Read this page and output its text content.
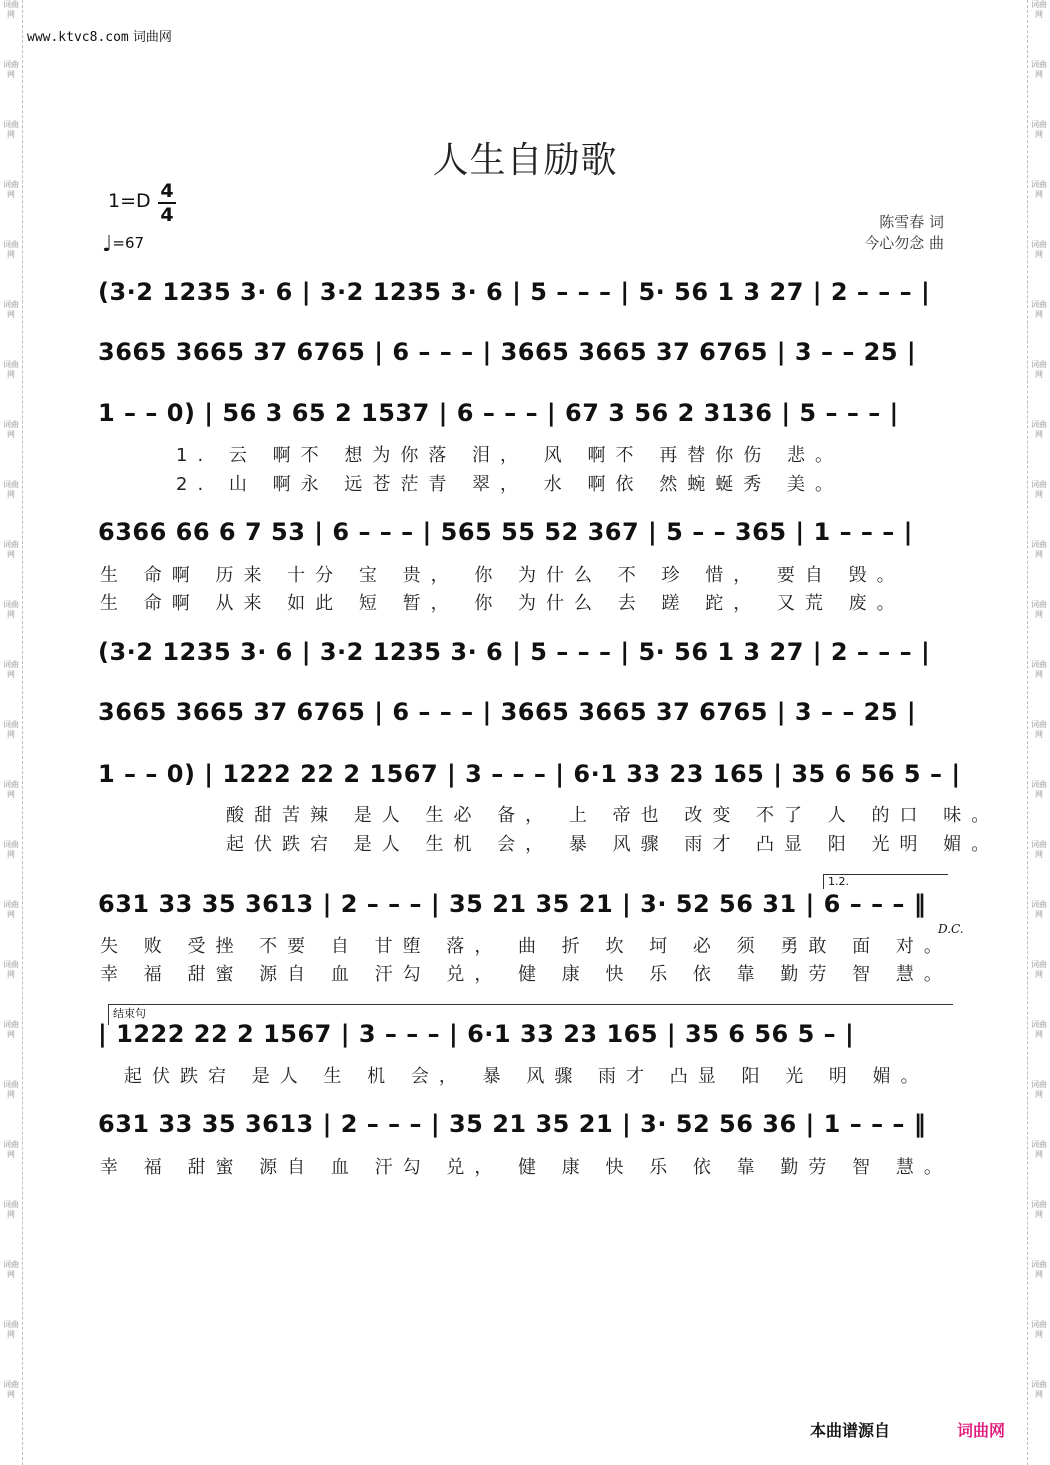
词曲网
词曲网
词曲网
词曲网
词曲网
词曲网
词曲网
词曲网
词曲网
词曲网
词曲网
词曲网
词曲网
词曲网
词曲网
词曲网
词曲网
词曲网
词曲网
词曲网
词曲网
词曲网
词曲网
词曲网
词曲网
词曲网
词曲网
词曲网
词曲网
词曲网
词曲网
词曲网
词曲网
词曲网
词曲网
词曲网
词曲网
词曲网
词曲网
词曲网
词曲网
词曲网
词曲网
词曲网
词曲网
词曲网
词曲网
词曲网
www.ktvc8.com 词曲网
人生自励歌
1=D 4
4
♩=67
陈雪春 词
今心勿念 曲
(3·2 1235 3· 6 | 3·2 1235 3· 6 | 5 – – – | 5· 56 1 3 27 | 2 – – – |
3665 3665 37 6765 | 6 – – – | 3665 3665 37 6765 | 3 – – 25 |
1 – – 0) | 56 3 65 2 1537 | 6 – – – | 67 3 56 2 3136 | 5 – – – |
1. 云 啊不 想为你落 泪， 风 啊不 再替你伤 悲。
2. 山 啊永 远苍茫青 翠， 水 啊依 然蜿蜒秀 美。
6366 66 6 7 53 | 6 – – – | 565 55 52 367 | 5 – – 365 | 1 – – – |
生 命啊 历来 十分 宝 贵， 你 为什么 不 珍 惜， 要自 毁。
生 命啊 从来 如此 短 暂， 你 为什么 去 蹉 跎， 又荒 废。
(3·2 1235 3· 6 | 3·2 1235 3· 6 | 5 – – – | 5· 56 1 3 27 | 2 – – – |
3665 3665 37 6765 | 6 – – – | 3665 3665 37 6765 | 3 – – 25 |
1 – – 0) | 1222 22 2 1567 | 3 – – – | 6·1 33 23 165 | 35 6 56 5 – |
酸甜苦辣 是人 生必 备， 上 帝也 改变 不了 人 的口 味。
起伏跌宕 是人 生机 会， 暴 风骤 雨才 凸显 阳 光明 媚。
1.2.
631 33 35 3613 | 2 – – – | 35 21 35 21 | 3· 52 56 31 | 6 – – – ‖
D.C.
失 败 受挫 不要 自 甘堕 落， 曲 折 坎 坷 必 须 勇敢 面 对。
幸 福 甜蜜 源自 血 汗勾 兑， 健 康 快 乐 依 靠 勤劳 智 慧。
结束句
| 1222 22 2 1567 | 3 – – – | 6·1 33 23 165 | 35 6 56 5 – |
起伏跌宕 是人 生 机 会， 暴 风骤 雨才 凸显 阳 光 明 媚。
631 33 35 3613 | 2 – – – | 35 21 35 21 | 3· 52 56 36 | 1 – – – ‖
幸 福 甜蜜 源自 血 汗勾 兑， 健 康 快 乐 依 靠 勤劳 智 慧。
本曲谱源自	词曲网
